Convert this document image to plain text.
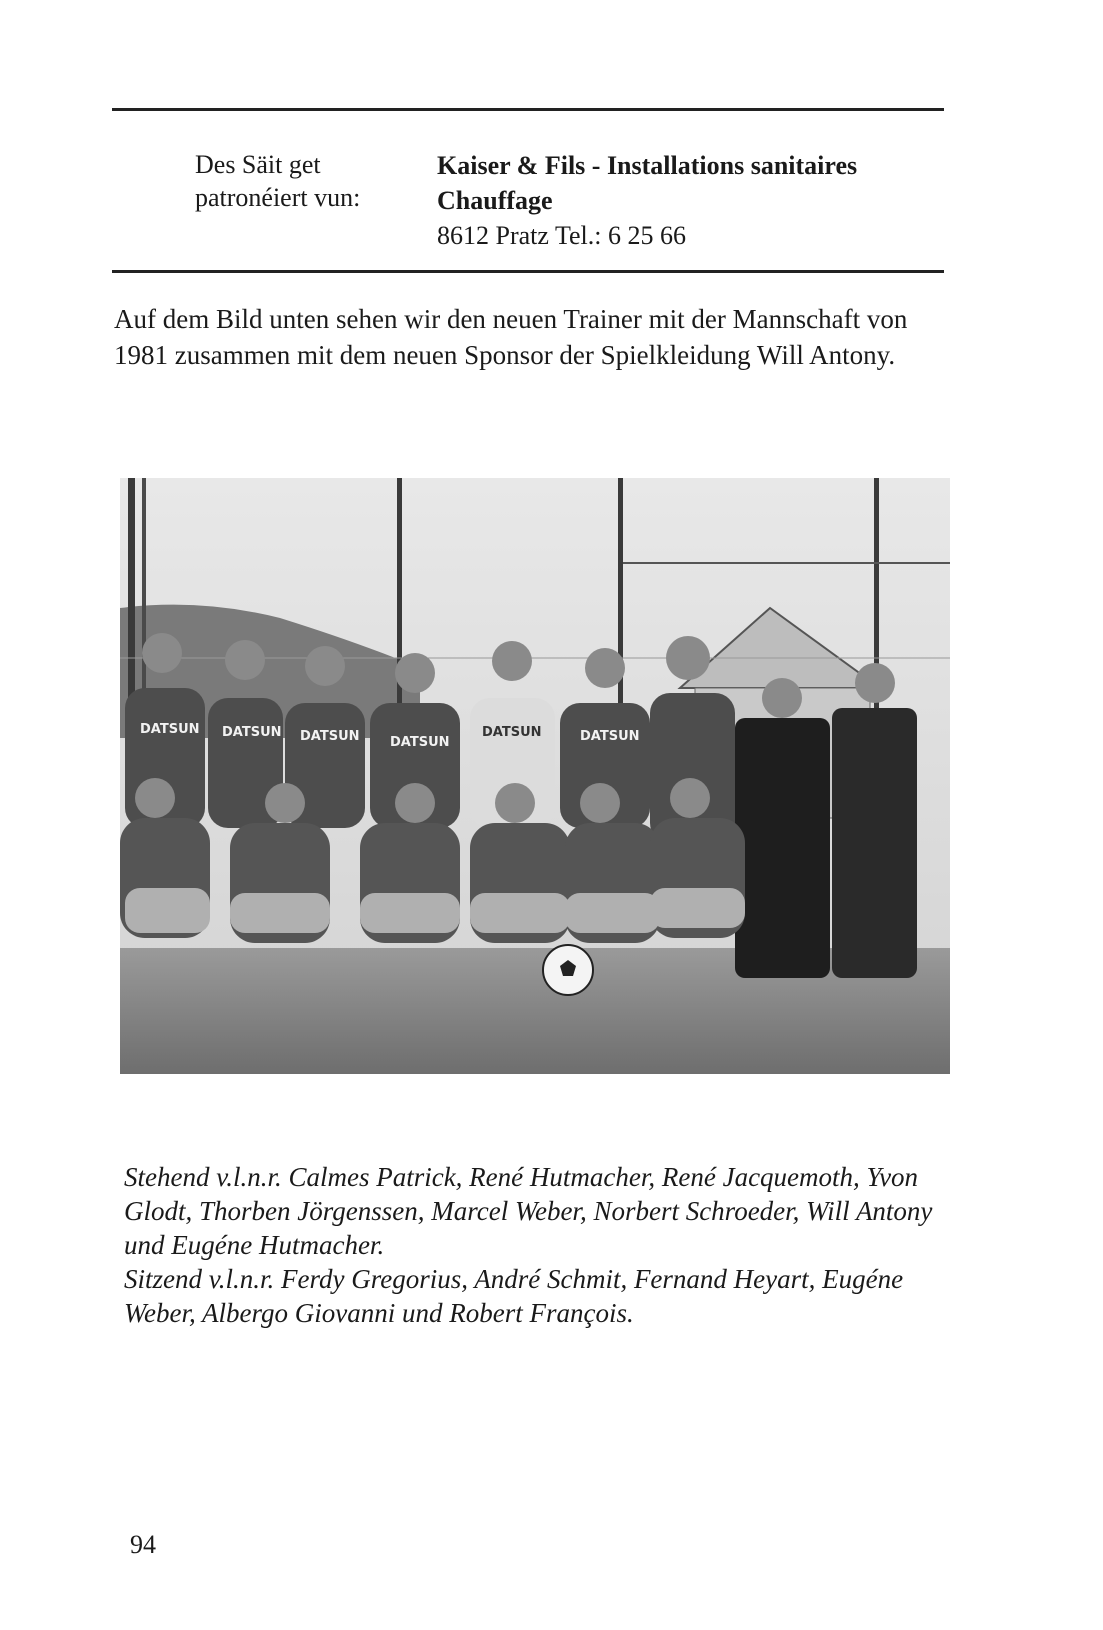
Des Säit get
patronéiert vun:
Kaiser & Fils - Installations sanitaires
Chauffage
8612 Pratz Tel.: 6 25 66
Auf dem Bild unten sehen wir den neuen Trainer mit der Mannschaft von 1981 zusammen mit dem neuen Sponsor der Spielkleidung Will Antony.
DATSUN DATSUN DATSUN DATSUN	DATSUN
DATSUN

Stehend v.l.n.r. Calmes Patrick, René Hutmacher, René Jacquemoth, Yvon Glodt, Thorben Jörgenssen, Marcel Weber, Norbert Schroeder, Will Antony und Eugéne Hutmacher.

Sitzend v.l.n.r. Ferdy Gregorius, André Schmit, Fernand Heyart, Eugéne Weber, Albergo Giovanni und Robert François.

94
